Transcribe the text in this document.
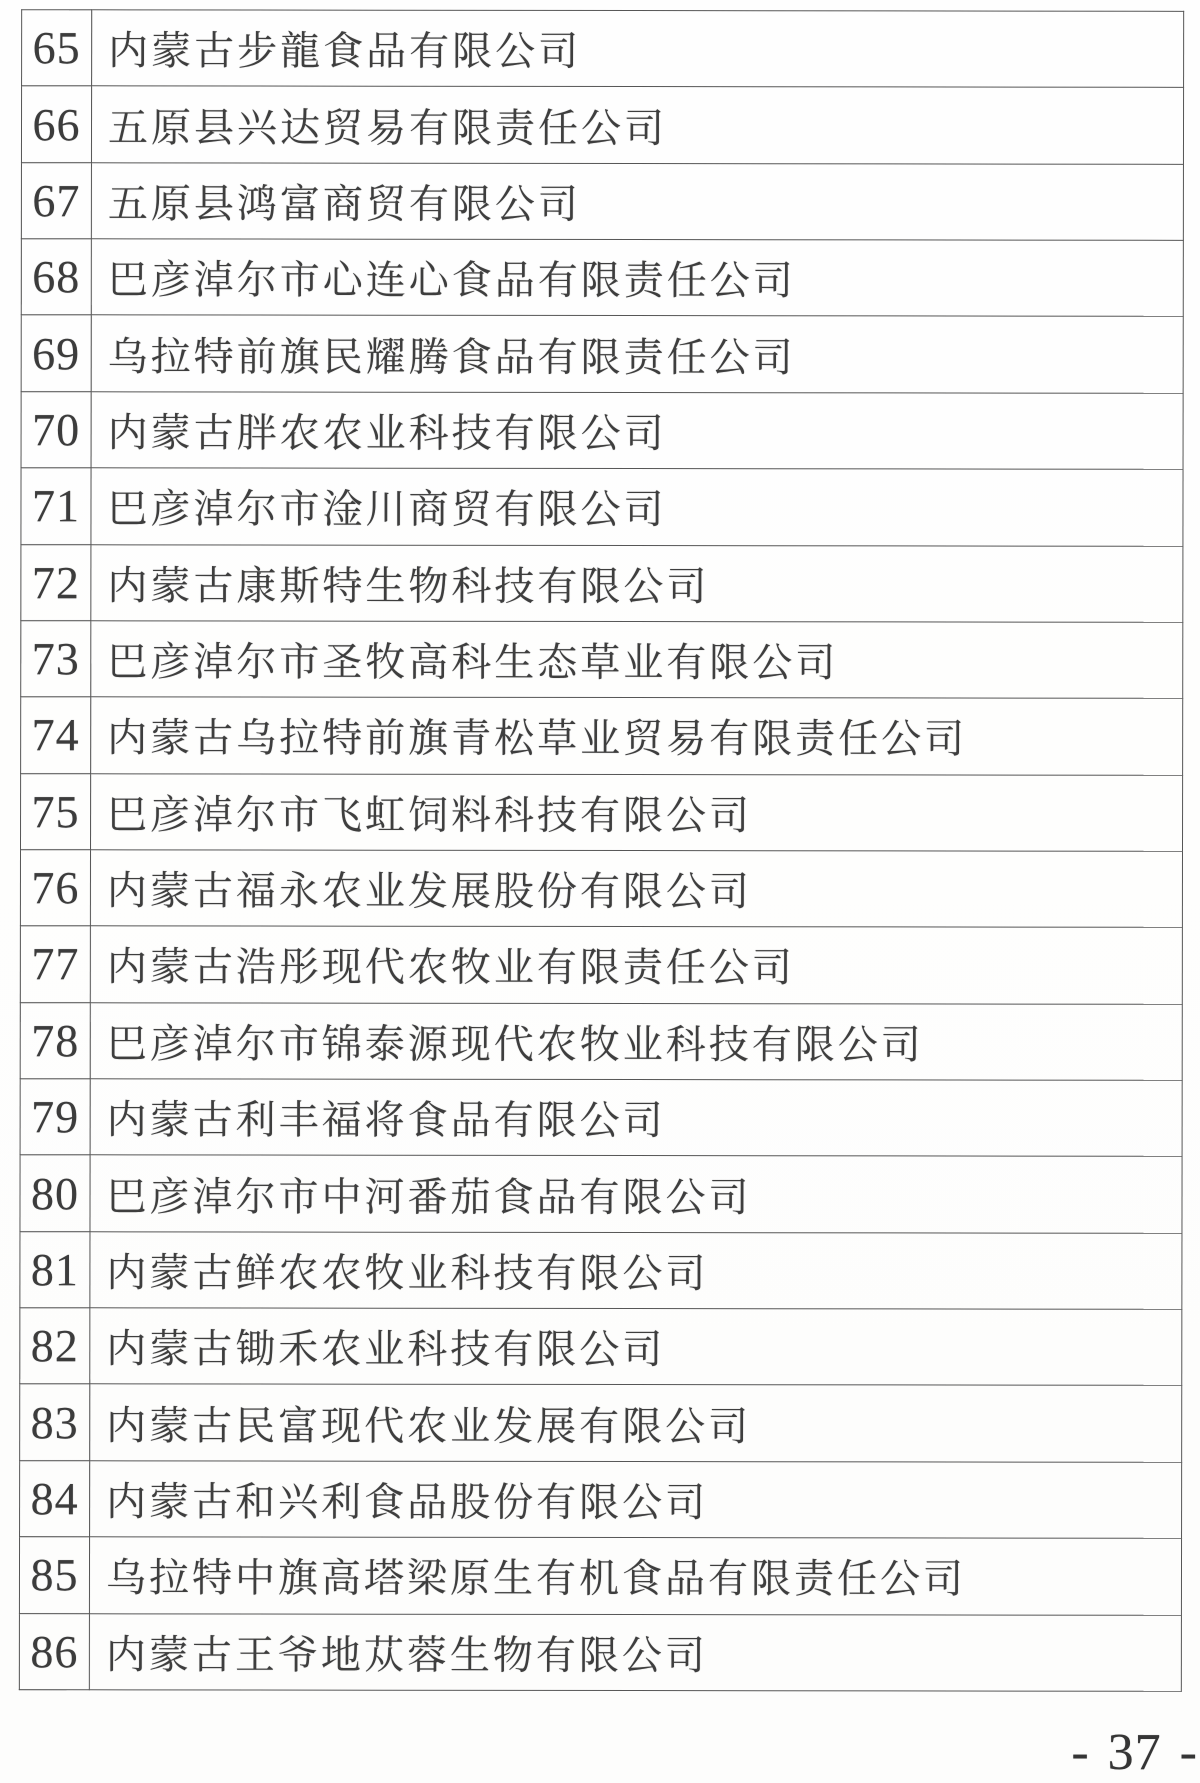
65	内蒙古步龍食品有限公司
66	五原县兴达贸易有限责任公司
67	五原县鸿富商贸有限公司
68	巴彦淖尔市心连心食品有限责任公司
69	乌拉特前旗民耀腾食品有限责任公司
70	内蒙古胖农农业科技有限公司
71	巴彦淖尔市淦川商贸有限公司
72	内蒙古康斯特生物科技有限公司
73	巴彦淖尔市圣牧高科生态草业有限公司
74	内蒙古乌拉特前旗青松草业贸易有限责任公司
75	巴彦淖尔市飞虹饲料科技有限公司
76	内蒙古福永农业发展股份有限公司
77	内蒙古浩彤现代农牧业有限责任公司
78	巴彦淖尔市锦泰源现代农牧业科技有限公司
79	内蒙古利丰福将食品有限公司
80	巴彦淖尔市中河番茄食品有限公司
81	内蒙古鲜农农牧业科技有限公司
82	内蒙古锄禾农业科技有限公司
83	内蒙古民富现代农业发展有限公司
84	内蒙古和兴利食品股份有限公司
85	乌拉特中旗高塔梁原生有机食品有限责任公司
86	内蒙古王爷地苁蓉生物有限公司
- 37 -
